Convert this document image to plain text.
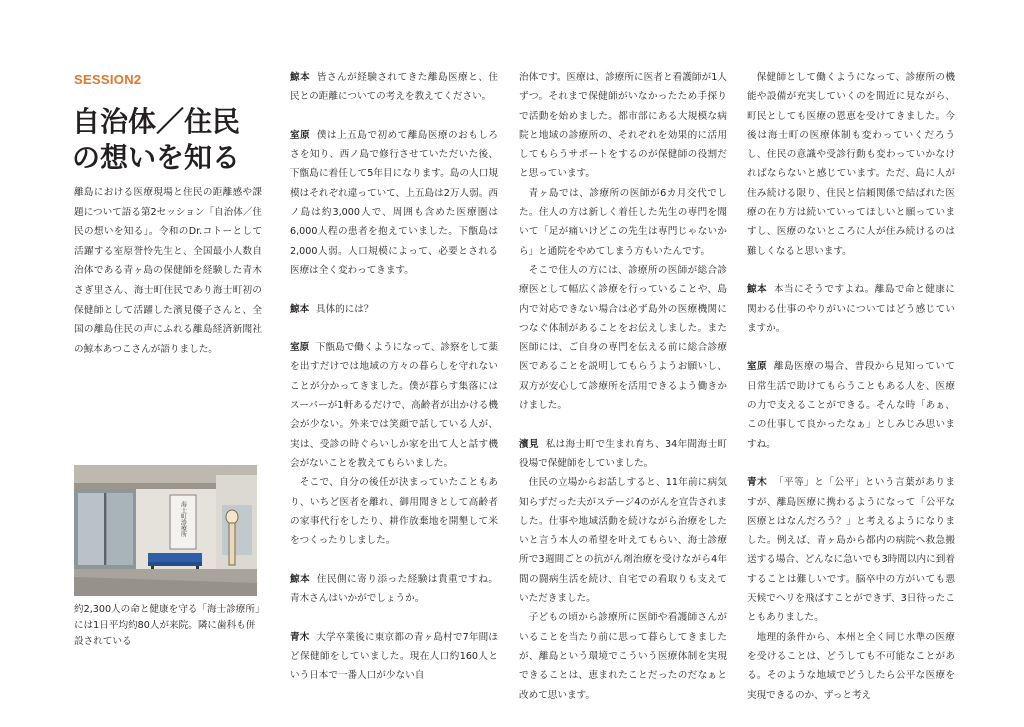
SESSION2
自治体／住民
の想いを知る
離島における医療現場と住民の距離感や課題について語る第2セッション「自治体／住民の想いを知る」。令和のDr.コトーとして活躍する室原誉怜先生と、全国最小人数自治体である青ヶ島の保健師を経験した青木さぎ里さん、海士町住民であり海士町初の保健師として活躍した濱見優子さんと、全国の離島住民の声にふれる離島経済新聞社の鯨本あつこさんが語りました。
海士町診療所
約2,300人の命と健康を守る「海士診療所」には1日平均約80人が来院。隣に歯科も併設されている

鯨本 皆さんが経験されてきた離島医療と、住民との距離についての考えを教えてください。

室原 僕は上五島で初めて離島医療のおもしろさを知り、西ノ島で修行させていただいた後、下甑島に着任して5年目になります。島の人口規模はそれぞれ違っていて、上五島は2万人弱。西ノ島は約3,000人で、周囲も含めた医療圏は6,000人程の患者を抱えていました。下甑島は2,000人弱。人口規模によって、必要とされる医療は全く変わってきます。

鯨本 具体的には？

室原 下甑島で働くようになって、診察をして薬を出すだけでは地域の方々の暮らしを守れないことが分かってきました。僕が暮らす集落にはスーパーが1軒あるだけで、高齢者が出かける機会が少ない。外来では笑顔で話している人が、実は、受診の時ぐらいしか家を出て人と話す機会がないことを教えてもらいました。

そこで、自分の後任が決まっていたこともあり、いちど医者を離れ、御用聞きとして高齢者の家事代行をしたり、耕作放棄地を開墾して米をつくったりしました。

鯨本 住民側に寄り添った経験は貴重ですね。青木さんはいかがでしょうか。

青木 大学卒業後に東京都の青ヶ島村で7年間ほど保健師をしていました。現在人口約160人という日本で一番人口が少ない自

治体です。医療は、診療所に医者と看護師が1人ずつ。それまで保健師がいなかったため手探りで活動を始めました。都市部にある大規模な病院と地域の診療所の、それぞれを効果的に活用してもらうサポートをするのが保健師の役割だと思っています。

青ヶ島では、診療所の医師が6カ月交代でした。住人の方は新しく着任した先生の専門を聞いて「足が痛いけどこの先生は専門じゃないから」と通院をやめてしまう方もいたんです。

そこで住人の方には、診療所の医師が総合診療医として幅広く診療を行っていることや、島内で対応できない場合は必ず島外の医療機関につなぐ体制があることをお伝えしました。また医師には、ご自身の専門を伝える前に総合診療医であることを説明してもらうようお願いし、双方が安心して診療所を活用できるよう働きかけました。

濱見 私は海士町で生まれ育ち、34年間海士町役場で保健師をしていました。

住民の立場からお話しすると、11年前に病気知らずだった夫がステージ4のがんを宣告されました。仕事や地域活動を続けながら治療をしたいと言う本人の希望を叶えてもらい、海士診療所で3週間ごとの抗がん剤治療を受けながら4年間の闘病生活を続け、自宅での看取りも支えていただきました。

子どもの頃から診療所に医師や看護師さんがいることを当たり前に思って暮らしてきましたが、離島という環境でこういう医療体制を実現できることは、恵まれたことだったのだなぁと改めて思います。

保健師として働くようになって、診療所の機能や設備が充実していくのを間近に見ながら、町民としても医療の恩恵を受けてきました。今後は海士町の医療体制も変わっていくだろうし、住民の意識や受診行動も変わっていかなければならないと感じています。ただ、島に人が住み続ける限り、住民と信頼関係で結ばれた医療の在り方は続いていってほしいと願っていますし、医療のないところに人が住み続けるのは難しくなると思います。

鯨本 本当にそうですよね。離島で命と健康に関わる仕事のやりがいについてはどう感じていますか。

室原 離島医療の場合、普段から見知っていて日常生活で助けてもらうこともある人を、医療の力で支えることができる。そんな時「あぁ、この仕事して良かったなぁ」としみじみ思いますね。

青木 「平等」と「公平」という言葉がありますが、離島医療に携わるようになって「公平な医療とはなんだろう？」と考えるようになりました。例えば、青ヶ島から都内の病院へ救急搬送する場合、どんなに急いでも3時間以内に到着することは難しいです。脳卒中の方がいても悪天候でヘリを飛ばすことができず、3日待ったこともありました。

地理的条件から、本州と全く同じ水準の医療を受けることは、どうしても不可能なことがある。そのような地域でどうしたら公平な医療を実現できるのか、ずっと考え
